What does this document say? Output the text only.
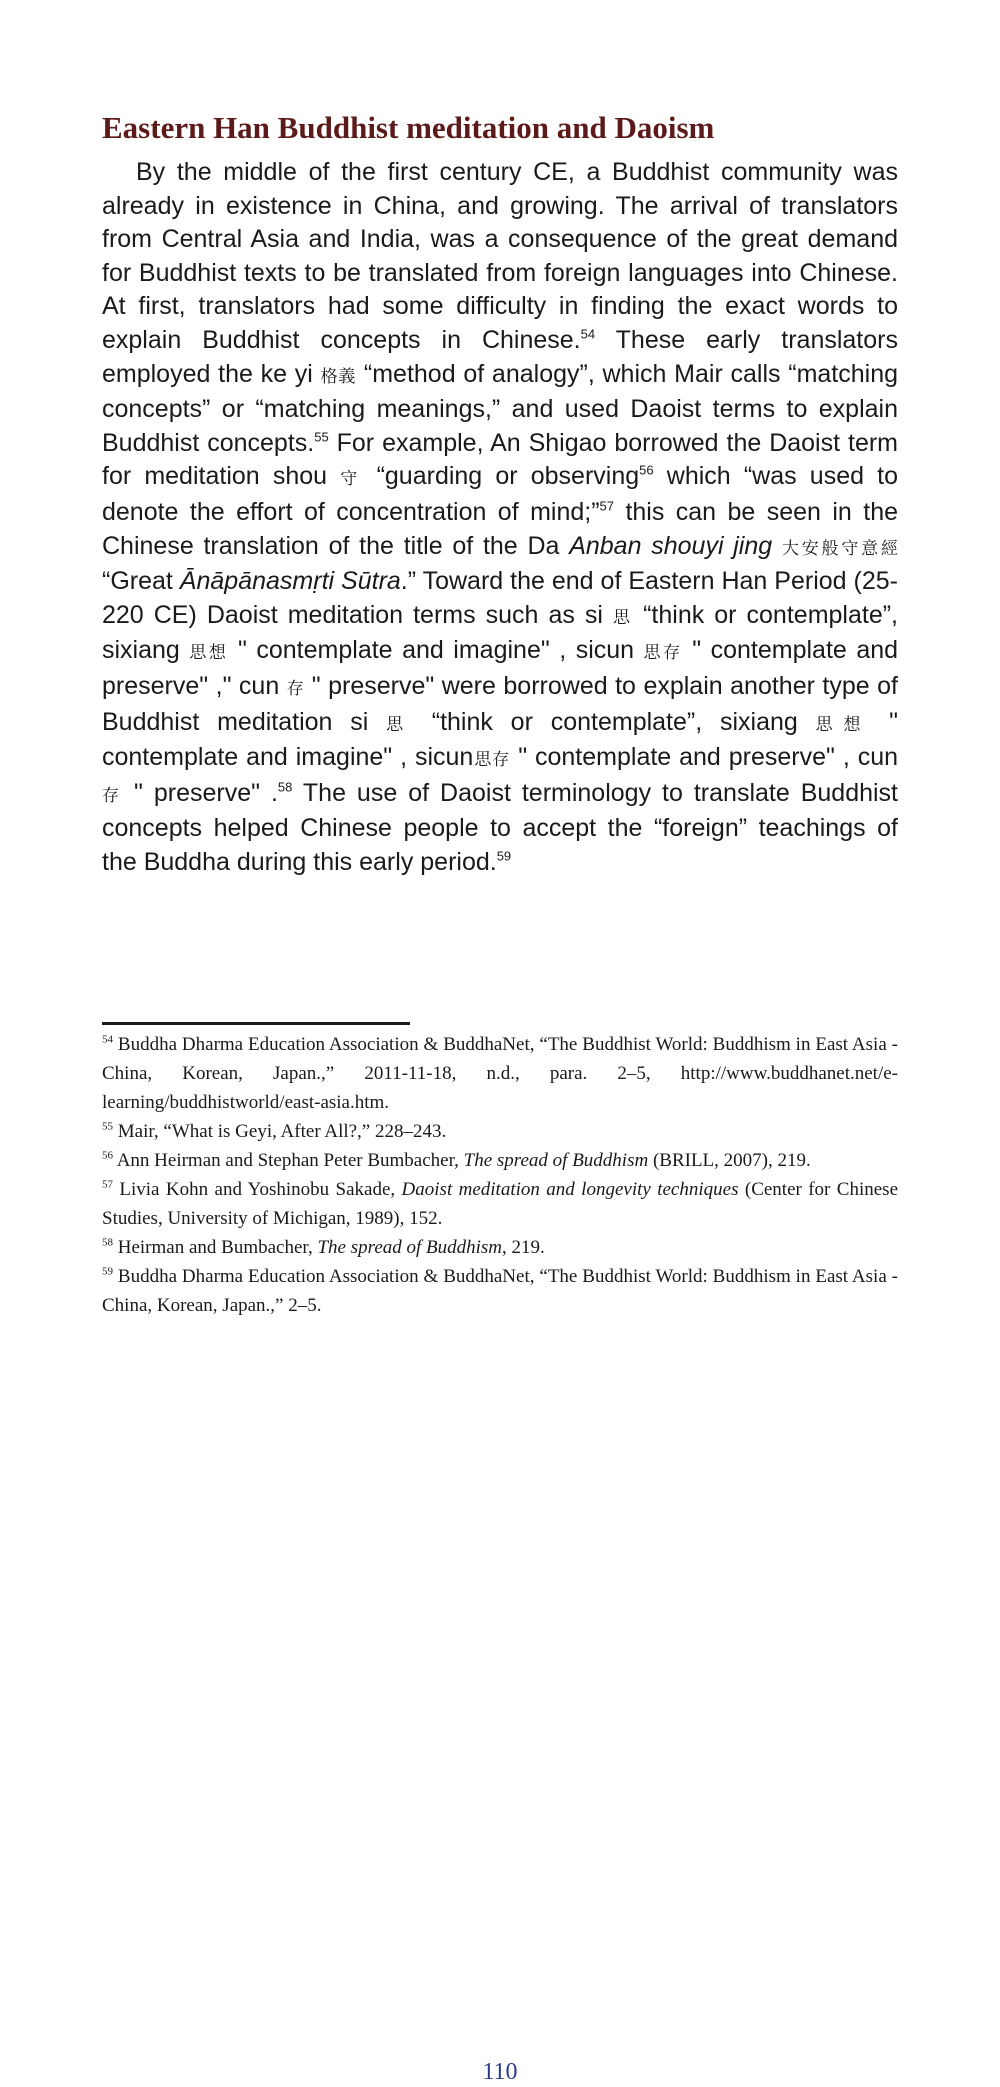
Eastern Han Buddhist meditation and Daoism

By the middle of the first century CE, a Buddhist community was already in existence in China, and growing. The arrival of translators from Central Asia and India, was a consequence of the great demand for Buddhist texts to be translated from foreign languages into Chinese. At first, translators had some difficulty in finding the exact words to explain Buddhist concepts in Chinese.$^{54}$ These early translators employed the ke yi 格義 “method of analogy”, which Mair calls “matching concepts” or “matching meanings,” and used Daoist terms to explain Buddhist concepts.$^{55}$ For example, An Shigao borrowed the Daoist term for meditation shou 守 “guarding or observing$^{56}$ which “was used to denote the effort of concentration of mind;”$^{57}$ this can be seen in the Chinese translation of the title of the Da Anban shouyi jing 大安般守意經 “Great Ānāpānasmṛti Sūtra.” Toward the end of Eastern Han Period (25-220 CE) Daoist meditation terms such as si 思 “think or contemplate”, sixiang 思想 " contemplate and imagine" , sicun 思存 " contemplate and preserve" ," cun 存 " preserve" were borrowed to explain another type of Buddhist meditation si 思 “think or contemplate”, sixiang 思想 " contemplate and imagine" , sicun思存 " contemplate and preserve" , cun 存 " preserve" .$^{58}$ The use of Daoist terminology to translate Buddhist concepts helped Chinese people to accept the “foreign” teachings of the Buddha during this early period.$^{59}$

$^{54}$ Buddha Dharma Education Association & BuddhaNet, “The Buddhist World: Buddhism in East Asia - China, Korean, Japan.,” 2011-11-18, n.d., para. 2–5, http://www.buddhanet.net/e-learning/buddhistworld/east-asia.htm.

$^{55}$ Mair, “What is Geyi, After All?,” 228–243.

$^{56}$ Ann Heirman and Stephan Peter Bumbacher, The spread of Buddhism (BRILL, 2007), 219.

$^{57}$ Livia Kohn and Yoshinobu Sakade, Daoist meditation and longevity techniques (Center for Chinese Studies, University of Michigan, 1989), 152.

$^{58}$ Heirman and Bumbacher, The spread of Buddhism, 219.

$^{59}$ Buddha Dharma Education Association & BuddhaNet, “The Buddhist World: Buddhism in East Asia - China, Korean, Japan.,” 2–5.

110
